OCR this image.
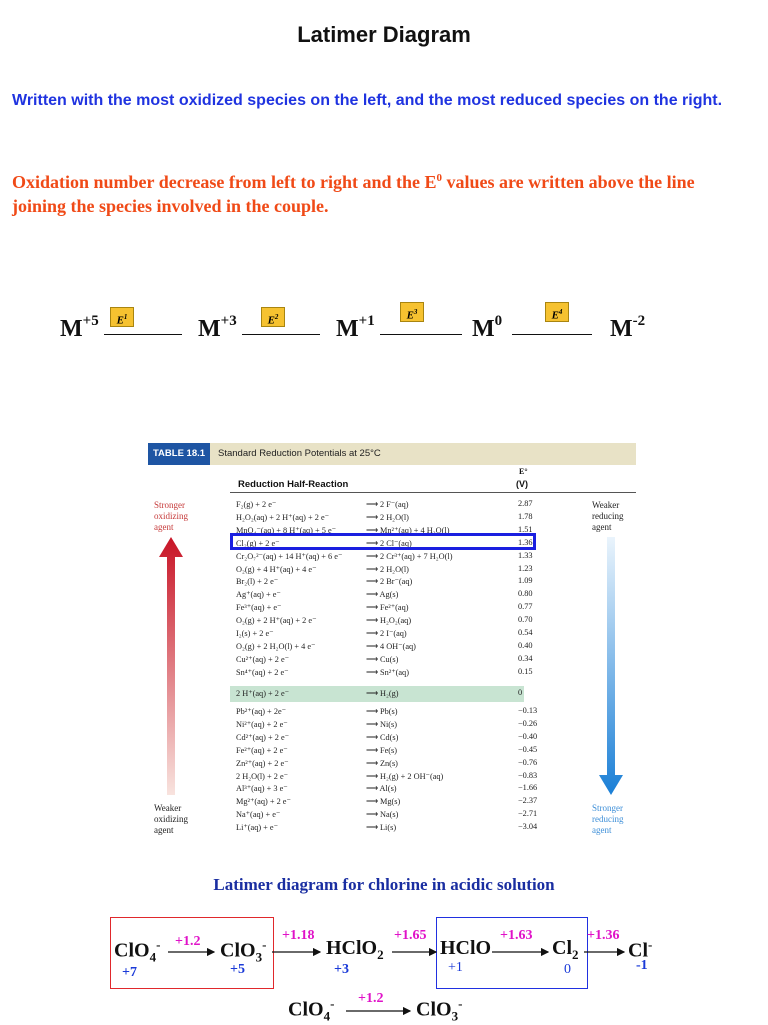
Latimer Diagram
Written with the most oxidized species on the left, and the most reduced species on the right.
Oxidation number decrease from left to right and the $E^0$ values are written above the line joining the species involved in the couple.
$M^{+5}$	$E^1$	$M^{+3}$	$E^2$ $M^{+1}$	$E^3$
$M^0$	$E^4$
$M^{-2}$
TABLE 18.1	Standard Reduction Potentials at 25°C
Reduction Half-Reaction
E°
(V)
Stronger
oxidizing
agent
Weaker
oxidizing
agent
Weaker
reducing
agent
Stronger
reducing
agent
F₂(g) + 2 e⁻	⟶ 2 F⁻(aq)	2.87
H₂O₂(aq) + 2 H⁺(aq) + 2 e⁻	⟶ 2 H₂O(l)	1.78
MnO₄⁻(aq) + 8 H⁺(aq) + 5 e⁻	⟶ Mn²⁺(aq) + 4 H₂O(l)	1.51
Cl₂(g) + 2 e⁻	⟶ 2 Cl⁻(aq)	1.36
Cr₂O₇²⁻(aq) + 14 H⁺(aq) + 6 e⁻	⟶ 2 Cr³⁺(aq) + 7 H₂O(l)	1.33
O₂(g) + 4 H⁺(aq) + 4 e⁻	⟶ 2 H₂O(l)	1.23
Br₂(l) + 2 e⁻	⟶ 2 Br⁻(aq)	1.09
Ag⁺(aq) + e⁻	⟶ Ag(s)	0.80
Fe³⁺(aq) + e⁻	⟶ Fe²⁺(aq)	0.77
O₂(g) + 2 H⁺(aq) + 2 e⁻	⟶ H₂O₂(aq)	0.70
I₂(s) + 2 e⁻	⟶ 2 I⁻(aq)	0.54
O₂(g) + 2 H₂O(l) + 4 e⁻	⟶ 4 OH⁻(aq)	0.40
Cu²⁺(aq) + 2 e⁻	⟶ Cu(s)	0.34
Sn⁴⁺(aq) + 2 e⁻	⟶ Sn²⁺(aq)	0.15
2 H⁺(aq) + 2 e⁻	⟶ H₂(g)	0
Pb²⁺(aq) + 2e⁻	⟶ Pb(s)	−0.13
Ni²⁺(aq) + 2 e⁻	⟶ Ni(s)	−0.26
Cd²⁺(aq) + 2 e⁻	⟶ Cd(s)	−0.40
Fe²⁺(aq) + 2 e⁻	⟶ Fe(s)	−0.45
Zn²⁺(aq) + 2 e⁻	⟶ Zn(s)	−0.76
2 H₂O(l) + 2 e⁻	⟶ H₂(g) + 2 OH⁻(aq)	−0.83
Al³⁺(aq) + 3 e⁻	⟶ Al(s)	−1.66
Mg²⁺(aq) + 2 e⁻	⟶ Mg(s)	−2.37
Na⁺(aq) + e⁻	⟶ Na(s)	−2.71
Li⁺(aq) + e⁻	⟶ Li(s)	−3.04
Latimer diagram for chlorine in acidic solution
ClO$_4$-	ClO$_3$-	HClO$_2$	HClO	$Cl_2$ Cl-
+1.2	+1.18	+1.65	+1.63	+1.36
+7	+5	+3	+1	0	-1
ClO$_4$- +1.2
ClO$_3$-
